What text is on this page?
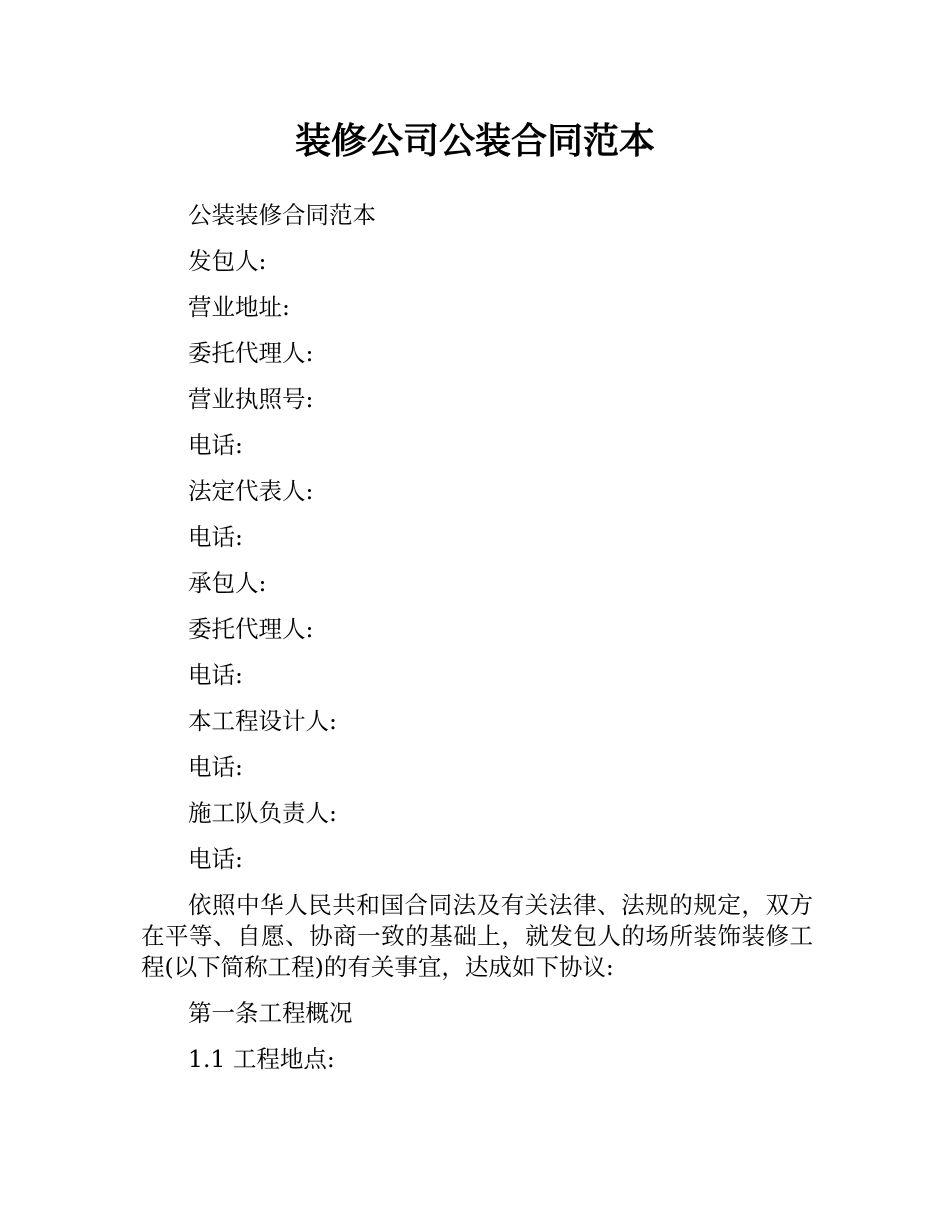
装修公司公装合同范本

公装装修合同范本

发包人:

营业地址:

委托代理人:

营业执照号:

电话:

法定代表人:

电话:

承包人:

委托代理人:

电话:

本工程设计人:

电话:

施工队负责人:

电话:

依照中华人民共和国合同法及有关法律、法规的规定，双方在平等、自愿、协商一致的基础上，就发包人的场所装饰装修工程(以下简称工程)的有关事宜，达成如下协议:

第一条工程概况

1.1 工程地点:
